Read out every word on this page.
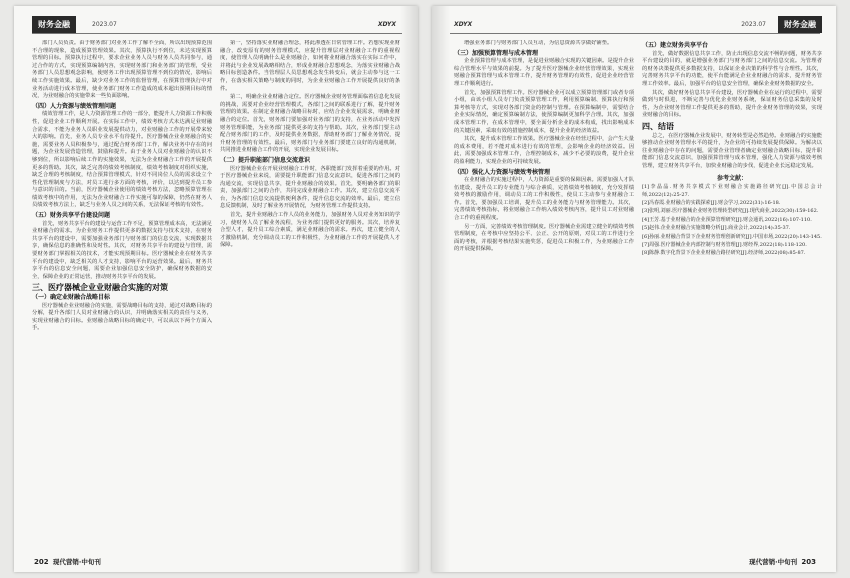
财务金融	2023.07	XDYX

部门人员负责。由于财务部门对业务工作了解不全面，所以出现预算范围不合理的现象，造成预算管理效果。其次，预算执行不到位，未达实现预算管理的目标。预算执行过程中，要求企业业务人员与财务人员共同参与，通过合作的方式，实现预算编制内容，实现财务部门和业务部门的管理，受业务部门人员思想观念影响，使财务工作出现预算管理不到位的情况，影响后续工作实施效果。最后，缺少对业务工作的监督管理，在预算管理执行中对业务活动进行成本管理，使业务部门财务工作造成的成本超出预期目标的情况，为业财融合的实施带来一些负面影响。

（四）人力资源与绩效管理问题

绩效管理工作，是人力资源管理工作的一部分，能提升人力资源工作积极性，促进企业工作顺利开展。在实际工作中，绩效考核方式未达满足业财融合需求，不能为业务人员职业发展提供动力，对业财融合工作的开展带来较大的影响。首先，业务人员专业水平有待提升。医疗器械企业业财融合的实施，需要业务人员积极参与，通过配合财务部门工作，解决业务中存在的问题，为企业发展营造管理，鼓励和提升。由于业务人员对业财融合的认识不够到位，所以影响后续工作的实施效果，无法为企业财融合工作的开展提供更多的帮助。其次，缺乏完善的绩效考核制度，绩效考核制度对组织实施，缺乏合理的考核制度，结合预算管理模式，针对不同岗位人员的需求设立个性化管理制度与方法，对员工进行多方面的考核，评价，以达到提升员工参与意识的目的。当前，医疗器械企业使用的绩效考核方法，忽略预算管理在绩效考核中的作用，无法为企业财融合工作实施可靠的保障，仍然在财务人员绩效考核方法上，缺乏与业务人员之间的关系，无法保证考核的有效性。

（五）财务共享平台建设问题

首先，财务共享平台的建设与运营工作不足，预算管理成本高，无法满足业财融合的需求。为企业财务工作提供更多的数据支持与技术支持，在财务共享平台的建设中，需要加强业务部门与财务部门的信息交流，实现数据共享，确保信息的准确性和及时性。其次，对财务共享平台的建设与管理，需要财务部门掌握相关的技术，才能实现预期目标。医疗器械企业在财务共享平台的建设中，缺乏相关的人才支持，影响平台的运营效果。最后，财务共享平台的信息安全问题，需要企业加强信息安全防护，确保财务数据的安全，保障企业的正常运营，推动财务共享平台的发展。

三、医疗器械企业业财融合实施的对策
（一）确定业财融合战略目标

医疗器械企业业财融合的实施，需要战略目标的支持，通过对战略目标的分解，提升各部门人员对业财融合的认识，并明确落实相关的责任与义务，实现业财融合的目标。业财融合战略目标的确定中，可以从以下两个方面入手。

第一，坚持落实业财融合理念，将此渗透在日常管理工作。若想实现业财融合，改变原有的财务管理模式，应提升管理层对业财融合工作的重视程度，使管理人员明确什么是业财融合，如何将业财融合落实在实际工作中，并将此与企业发展战略相结合，形成业财融合思想观念，为落实业财融合战略目标创造条件。当管理层人员思想观念发生转变后，就会主动参与这一工作，在落实相关策略与制度的同时，为企业业财融合工作开展提供良好的条件。

第二，明确企业业财融合定位。医疗器械企业财务管理面临着信息化发展的挑战，需要对企业经营管理模式，各部门之间的联系进行了解，提升财务管理的效果。在制定业财融合战略目标时，应结合企业发展需求，明确业财融合的定位。首先，财务部门要加强对业务部门的支持，在业务活动中发挥财务管理职能，为业务部门提供更多的支持与帮助。其次，业务部门要主动配合财务部门的工作，及时提供业务数据，帮助财务部门了解业务情况，提升财务管理的有效性。最后，财务部门与业务部门要建立良好的沟通机制，共同推进业财融合工作的开展，实现企业发展目标。

（二）提升职能部门信息交流意识

医疗器械企业在开展业财融合工作时，各职能部门发挥着重要的作用。对于医疗器械企业来说，需要提升职能部门信息交流意识，促进各部门之间的沟通交流，实现信息共享，提升业财融合的效果。首先，要明确各部门的职责，加强部门之间的合作，共同完成业财融合工作。其次，建立信息交流平台，为各部门信息交流提供便利条件，提升信息交流的效率。最后，建立信息反馈机制，及时了解业务开展情况，为财务管理工作提供支持。

首先，提升业财融合工作人员的业务能力，加强财务人员对业务知识的学习，使财务人员了解业务流程，为业务部门提供更好的服务。其次，培养复合型人才，提升员工综合素质，满足业财融合的需求。再次，建立健全的人才激励机制，充分调动员工的工作积极性，为业财融合工作的开展提供人才保障。

202 现代营销·中旬刊
XDYX	2023.07	财务金融

增强业务部门与财务部门人员互动，为信息资源共享做好铺垫。

（三）加强预算管理与成本管理

企业预算管理与成本管理，是促进业财融合实现的关键因素。是提升企业综合管理水平与效果的前提。为了提升医疗器械企业经营管理效果，实现业财融合预算管理与成本管理工作，提升财务管理的有效性，促进企业经营管理工作顺利进行。

首先，加强预算管理工作。医疗器械企业可以成立预算管理部门或者专项小组，由该小组人员专门负责预算管理工作，利用预算编制、预算执行和预算考核等方式，实现对各部门资金的控制与管理。在预算编制中，需要结合企业实际情况，确定预算编制方法，使预算编制更加科学合理。其次，加强成本管理工作，在成本管理中，要全面分析企业的成本构成，找出影响成本的关键因素，采取有效的措施控制成本，提升企业的经济效益。

其次，提升成本管理工作效果。医疗器械企业在经营过程中，会产生大量的成本费用，若不能对成本进行有效的管理，会影响企业的经济效益。因此，需要加强成本管理工作，合理控制成本，减少不必要的浪费，提升企业的盈利能力，实现企业的可持续发展。

（四）强化人力资源与绩效考核管理

在业财融合的实施过程中，人力资源是重要的保障因素。需要加强人才队伍建设，提升员工的专业能力与综合素质，完善绩效考核制度，充分发挥绩效考核的激励作用，调动员工的工作积极性，使员工主动参与业财融合工作。首先，要加强员工培训，提升员工的业务能力与财务管理能力。其次，完善绩效考核指标，将业财融合工作纳入绩效考核内容，提升员工对业财融合工作的重视程度。

另一方面，完善绩效考核管理制度。医疗器械企业需建立健全的绩效考核管理制度，在考核中应坚持公平、公正、公开的原则，对员工的工作进行全面的考核，并根据考核结果实施奖惩，促进员工积极工作，为业财融合工作的开展提供保障。

（五）建立财务共享平台

首先，做好数据信息共享工作，防止出现信息交流不畅的问题，财务共享平台建设的目的，就是增强业务部门与财务部门之间的信息交流。为管理者的财务决策提供更多数据支持，以保证企业决策的科学性与合理性。其次，完善财务共享平台的功能，使平台能满足企业业财融合的需求，提升财务管理工作效率。最后，加强平台的信息安全管理，确保企业财务数据的安全。

其次，做好财务信息共享平台建设，医疗器械企业在运行的过程中，需要做到与时俱进，不断完善与优化企业财务系统，保证财务信息采集的及时性，为企业财务管理工作提供更多的帮助，提升企业财务管理的效果，实现业财融合的目标。

四、结语

总之，在医疗器械企业发展中，财务转型是必然趋势。业财融合的实施能够推动企业财务管理水平的提升，为企业的可持续发展提供保障。为解决以往业财融合中存在的问题，需要企业管理者确定业财融合战略目标，提升职能部门信息交流意识，加强预算管理与成本管理，强化人力资源与绩效考核管理，建立财务共享平台，加快业财融合的步伐，促进企业长远稳定发展。

参考文献：

[1]李晶晶.财务共享模式下业财融合实施路径研究[J].中国总会计师,2022(12):25-27.

[2]冯春霞.业财融合的实践探索[J].财会学习,2022(31):16-18.

[3]张明,刘丽.医疗器械企业财务管理转型研究[J].现代商业,2022(30):159-162.

[4]王芳.基于业财融合的企业预算管理研究[J].财会通讯,2022(16):107-110.

[5]赵伟.企业业财融合实施策略分析[J].商业会计,2022(14):35-37.

[6]孙丽.业财融合背景下企业财务管理创新研究[J].中国市场,2022(20):143-145.

[7]周强.医疗器械企业内部控制与财务管理[J].财经界,2022(18):118-120.

[8]陈静.数字化背景下企业业财融合路径研究[J].经济师,2022(08):85-87.

现代营销·中旬刊 203
